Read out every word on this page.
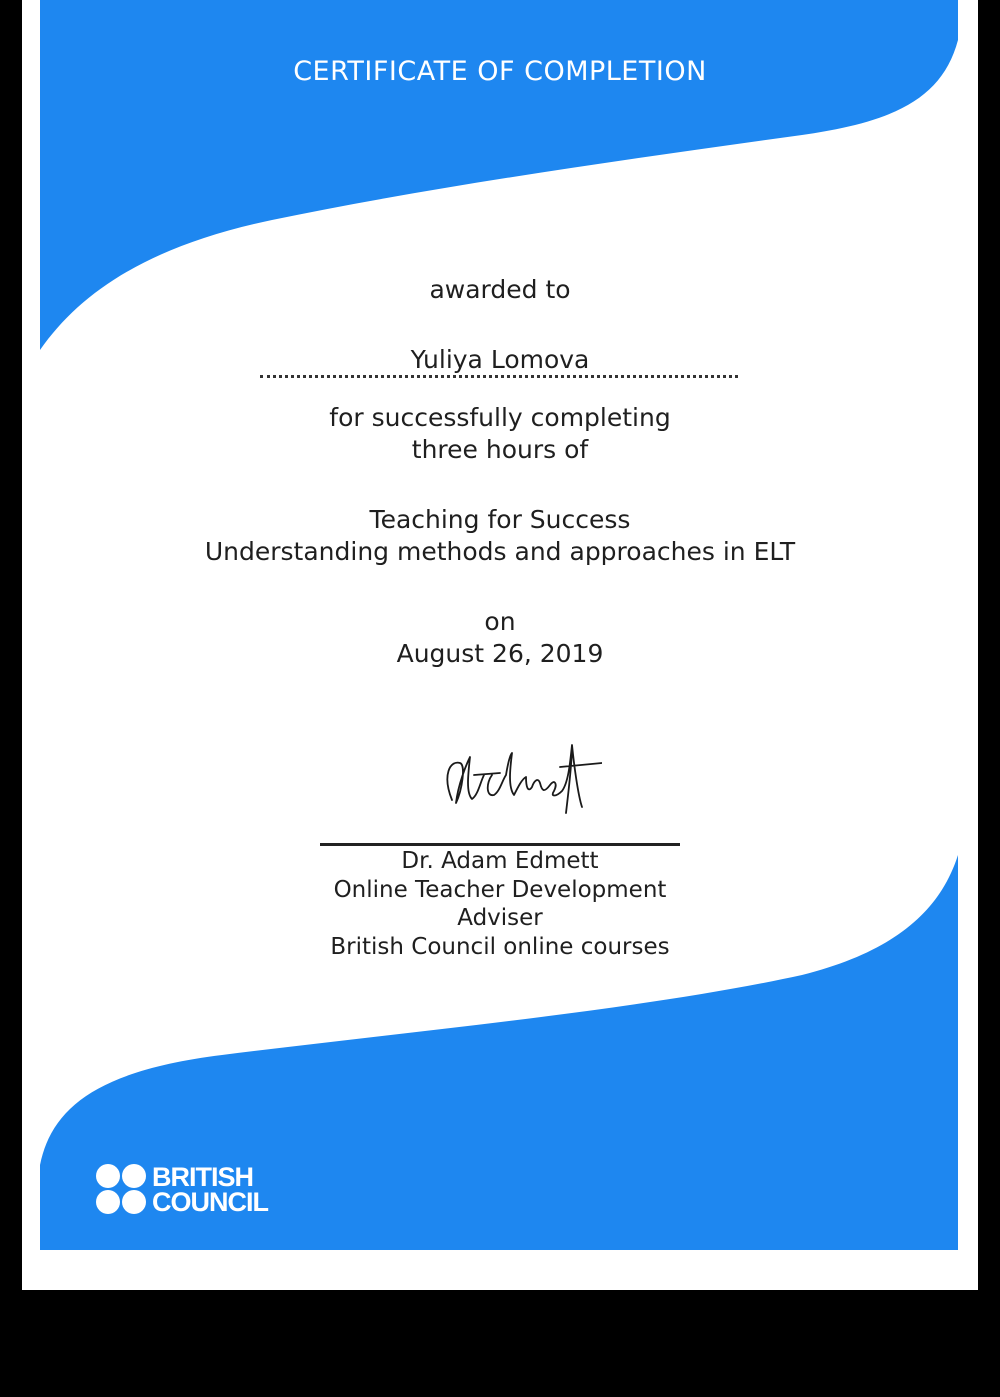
CERTIFICATE OF COMPLETION
awarded to
Yuliya Lomova
for successfully completing
three hours of
Teaching for Success
Understanding methods and approaches in ELT
on
August 26, 2019
Dr. Adam Edmett
Online Teacher Development
Adviser
British Council online courses
BRITISH
COUNCIL
